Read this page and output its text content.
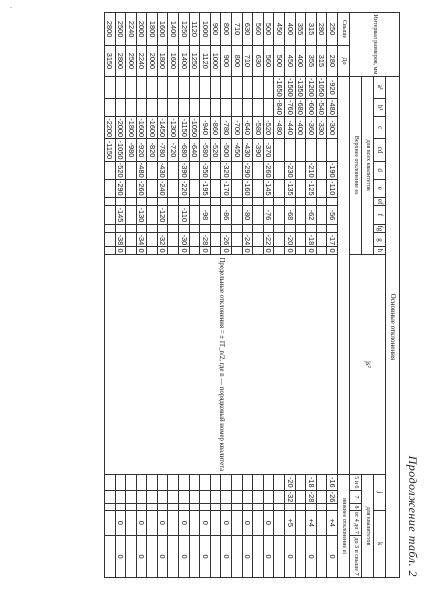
Продолжение табл. 2
Интервал размеров, мм		Основные отклонения																
		a¹	b¹	c	cd	d	e	ef	f	fg	g	h	js²	j			k	
		для всех квалитетов												для квалитетов				
		Верхнее отклонение es												5 и 6	7	8	от 4 до 7	до 3 и свыше 7
Свыше	До													нижнее отклонение ei				
250	280	-920	-480	-300		-190	-110		-56		-17	0	Предельные отклонения = ± IT_n/2, где n — порядковый номер квалитета	-16	-26		+4	0
280	315	-1050	-540	-330														
315	355	-1200	-600	-360		-210	-125		-62		-18	0		-18	-28		+4	0
355	400	-1350	-680	-400														
400	450	-1500	-760	-440		-230	-135		-68		-20	0		-20	-32		+5	0
450	500	-1650	-840	-480														
500	560			-520	-370	-260	-145		-76		-22	0					0	0
560	630			-580	-390													
630	710			-640	-430	-290	-160		-80		-24	0					0	0
710	800			-700	-450													
800	900			-780	-500	-320	-170		-86		-26	0					0	0
900	1000			-860	-520													
1000	1120			-940	-580	-350	-195		-98		-28	0					0	0
1120	1250			-1050	-640													
1250	1400			-1150	-680	-390	-220		-110		-30	0					0	0
1400	1600			-1300	-720													
1600	1800			-1450	-780	-430	-240		-120		-32	0					0	0
1800	2000			-1600	-820													
2000	2240			-1600	-920	-480	-260		-130		-34	0					0	0
2240	2500			-1800	-980													
2500	2800			-2000	-1050	-520	-290		-145		-38	0					0	0
2800	3150			-2200	-1150													
·
